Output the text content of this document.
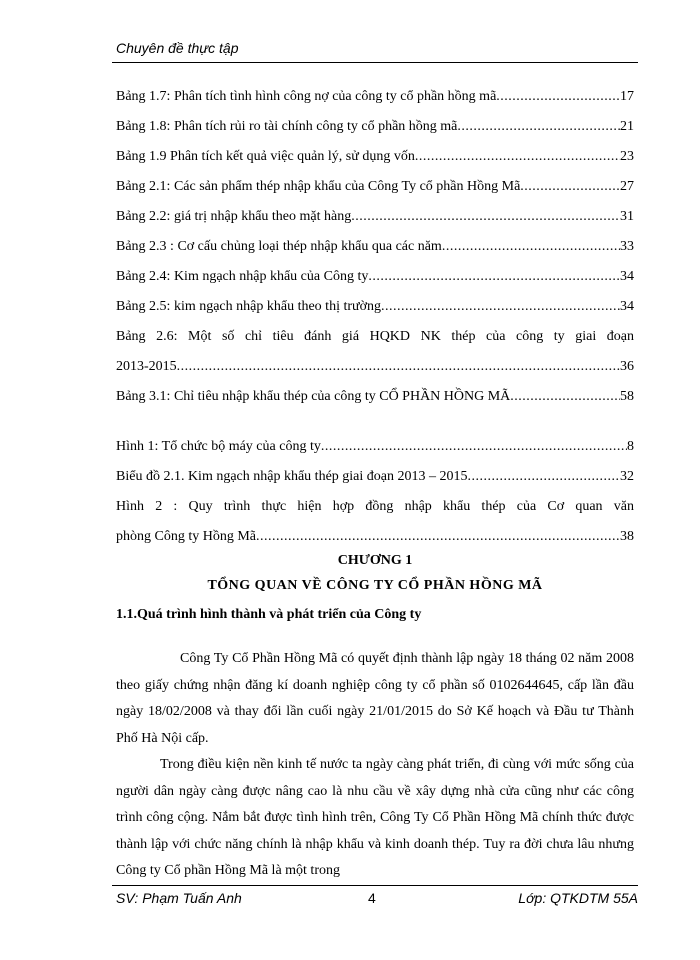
Chuyên đề thực tập
Bảng 1.7: Phân tích tình hình công nợ của công ty cổ phần hồng mã .....	17
Bảng 1.8: Phân tích rủi ro tài chính công ty cổ phần hồng mã .....	21
Bảng 1.9 Phân tích kết quả việc quản lý, sử dụng vốn .....	23
Bảng 2.1: Các sản phẩm thép nhập khẩu của Công Ty cổ phần Hồng Mã .....	27
Bảng 2.2: giá trị nhập khẩu theo mặt hàng .....	31
Bảng 2.3 : Cơ cấu chủng loại thép nhập khẩu qua các năm .....	33
Bảng 2.4: Kim ngạch nhập khẩu của Công ty .....	34
Bảng 2.5: kim ngạch nhập khẩu theo thị trường .....	34
Bảng 2.6: Một số chỉ tiêu đánh giá HQKD NK thép của công ty giai đoạn
2013-2015 .....	36
Bảng 3.1: Chỉ tiêu nhập khẩu thép của công ty CỔ PHẦN HỒNG MÃ .....	58
Hình 1: Tổ chức bộ máy của công ty .....	8
Biểu đồ 2.1. Kim ngạch nhập khẩu thép giai đoạn 2013 – 2015 .....	32
Hình 2 : Quy trình thực hiện hợp đồng nhập khẩu thép của Cơ quan văn
phòng Công ty Hồng Mã .....	38
CHƯƠNG 1
TỔNG QUAN VỀ CÔNG TY CỔ PHẦN HỒNG MÃ
1.1.Quá trình hình thành và phát triển của Công ty

Công Ty Cổ Phần Hồng Mã có quyết định thành lập ngày 18 tháng 02 năm 2008 theo giấy chứng nhận đăng kí doanh nghiệp công ty cổ phần số 0102644645, cấp lần đầu ngày 18/02/2008 và thay đổi lần cuối ngày 21/01/2015 do Sở Kế hoạch và Đầu tư Thành Phố Hà Nội cấp.

Trong điều kiện nền kinh tế nước ta ngày càng phát triển, đi cùng với mức sống của người dân ngày càng được nâng cao là nhu cầu về xây dựng nhà cửa cũng như các công trình công cộng. Nắm bắt được tình hình trên, Công Ty Cổ Phần Hồng Mã chính thức được thành lập với chức năng chính là nhập khẩu và kinh doanh thép. Tuy ra đời chưa lâu nhưng Công ty Cổ phần Hồng Mã là một trong

SV: Phạm Tuấn Anh	4	Lớp: QTKDTM 55A
